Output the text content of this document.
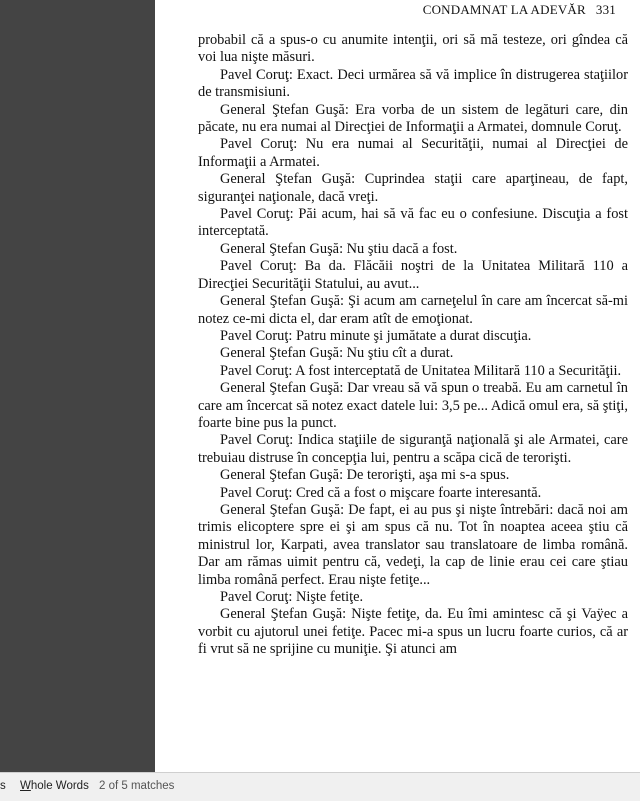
CONDAMNAT LA ADEVĂR 331

probabil că a spus-o cu anumite intenţii, ori să mă testeze, ori gîndea că voi lua nişte măsuri.

Pavel Coruţ: Exact. Deci urmărea să vă implice în distrugerea staţiilor de transmisiuni.

General Ştefan Guşă: Era vorba de un sistem de legături care, din păcate, nu era numai al Direcţiei de Informaţii a Armatei, domnule Coruţ.

Pavel Coruţ: Nu era numai al Securităţii, numai al Direcţiei de Informaţii a Armatei.

General Ştefan Guşă: Cuprindea staţii care aparţineau, de fapt, siguranţei naţionale, dacă vreţi.

Pavel Coruţ: Păi acum, hai să vă fac eu o confesiune. Discuţia a fost interceptată.

General Ştefan Guşă: Nu ştiu dacă a fost.

Pavel Coruţ: Ba da. Flăcăii noştri de la Unitatea Militară 110 a Direcţiei Securităţii Statului, au avut...

General Ştefan Guşă: Şi acum am carneţelul în care am încercat să-mi notez ce-mi dicta el, dar eram atît de emoţionat.

Pavel Coruţ: Patru minute şi jumătate a durat discuţia.

General Ştefan Guşă: Nu ştiu cît a durat.

Pavel Coruţ: A fost interceptată de Unitatea Militară 110 a Securităţii.

General Ştefan Guşă: Dar vreau să vă spun o treabă. Eu am carnetul în care am încercat să notez exact datele lui: 3,5 pe... Adică omul era, să ştiţi, foarte bine pus la punct.

Pavel Coruţ: Indica staţiile de siguranţă naţională şi ale Armatei, care trebuiau distruse în concepţia lui, pentru a scăpa cică de terorişti.

General Ştefan Guşă: De terorişti, aşa mi s-a spus.

Pavel Coruţ: Cred că a fost o mişcare foarte interesantă.

General Ştefan Guşă: De fapt, ei au pus şi nişte întrebări: dacă noi am trimis elicoptere spre ei şi am spus că nu. Tot în noaptea aceea ştiu că ministrul lor, Karpati, avea translator sau translatoare de limba română. Dar am rămas uimit pentru că, vedeţi, la cap de linie erau cei care ştiau limba română perfect. Erau nişte fetiţe...

Pavel Coruţ: Nişte fetiţe.

General Ştefan Guşă: Nişte fetiţe, da. Eu îmi amintesc că şi Vaÿec a vorbit cu ajutorul unei fetiţe. Pacec mi-a spus un lucru foarte curios, că ar fi vrut să ne sprijine cu muniţie. Şi atunci am

s Whole Words 2 of 5 matches
